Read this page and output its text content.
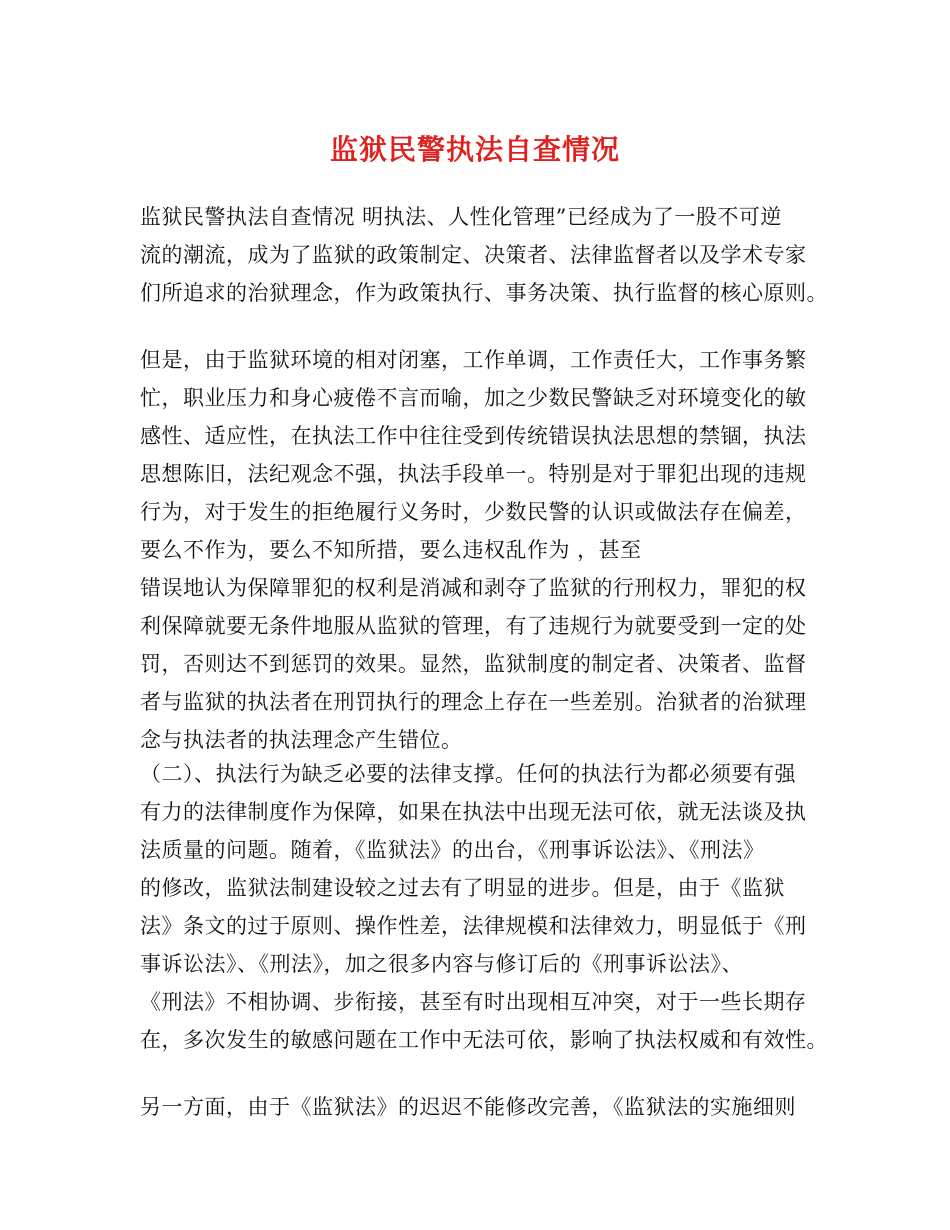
监狱民警执法自查情况
监狱民警执法自查情况 明执法、人性化管理”已经成为了一股不可逆
流的潮流，成为了监狱的政策制定、决策者、法律监督者以及学术专家
们所追求的治狱理念，作为政策执行、事务决策、执行监督的核心原则。
但是，由于监狱环境的相对闭塞，工作单调，工作责任大，工作事务繁
忙，职业压力和身心疲倦不言而喻，加之少数民警缺乏对环境变化的敏
感性、适应性，在执法工作中往往受到传统错误执法思想的禁锢，执法
思想陈旧，法纪观念不强，执法手段单一。特别是对于罪犯出现的违规
行为，对于发生的拒绝履行义务时，少数民警的认识或做法存在偏差，
要么不作为，要么不知所措，要么违权乱作为 ，甚至
错误地认为保障罪犯的权利是消减和剥夺了监狱的行刑权力，罪犯的权
利保障就要无条件地服从监狱的管理，有了违规行为就要受到一定的处
罚，否则达不到惩罚的效果。显然，监狱制度的制定者、决策者、监督
者与监狱的执法者在刑罚执行的理念上存在一些差别。治狱者的治狱理
念与执法者的执法理念产生错位。
（二）、执法行为缺乏必要的法律支撑。任何的执法行为都必须要有强
有力的法律制度作为保障，如果在执法中出现无法可依，就无法谈及执
法质量的问题。随着，《监狱法》的出台，《刑事诉讼法》、《刑法》
的修改，监狱法制建设较之过去有了明显的进步。但是，由于《监狱
法》条文的过于原则、操作性差，法律规模和法律效力，明显低于《刑
事诉讼法》、《刑法》，加之很多内容与修订后的《刑事诉讼法》、
《刑法》不相协调、步衔接，甚至有时出现相互冲突，对于一些长期存
在，多次发生的敏感问题在工作中无法可依，影响了执法权威和有效性。
另一方面，由于《监狱法》的迟迟不能修改完善，《监狱法的实施细则
